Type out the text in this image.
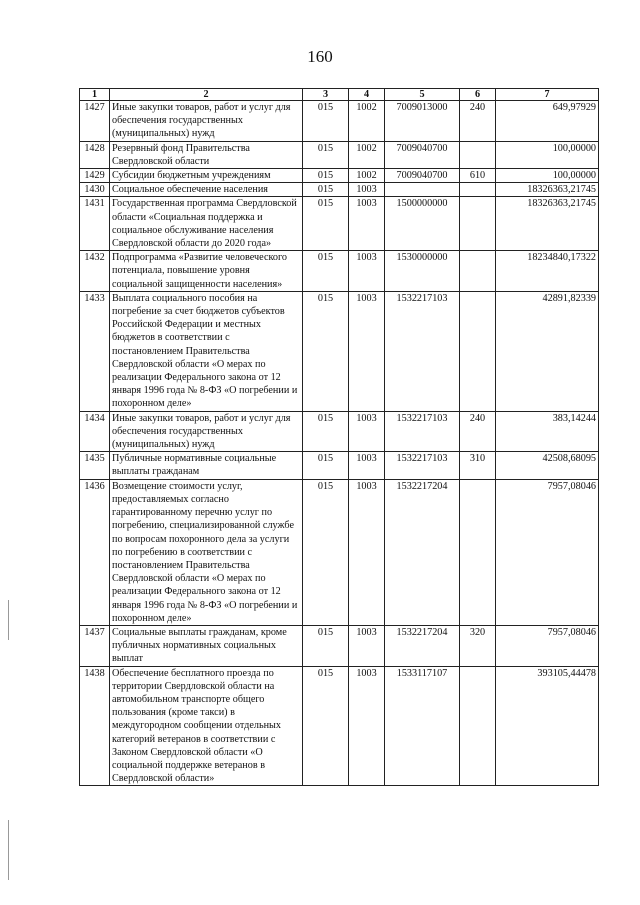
160
1	2	3	4	5	6	7
1427	Иные закупки товаров, работ и услуг для обеспечения государственных (муниципальных) нужд	015	1002	7009013000	240	649,97929
1428	Резервный фонд Правительства Свердловской области	015	1002	7009040700		100,00000
1429	Субсидии бюджетным учреждениям	015	1002	7009040700	610	100,00000
1430	Социальное обеспечение населения	015	1003			18326363,21745
1431	Государственная программа Свердловской области «Социальная поддержка и социальное обслуживание населения Свердловской области до 2020 года»	015	1003	1500000000		18326363,21745
1432	Подпрограмма «Развитие человеческого потенциала, повышение уровня социальной защищенности населения»	015	1003	1530000000		18234840,17322
1433	Выплата социального пособия на погребение за счет бюджетов субъектов Российской Федерации и местных бюджетов в соответствии с постановлением Правительства Свердловской области «О мерах по реализации Федерального закона от 12 января 1996 года № 8-ФЗ «О погребении и похоронном деле»	015	1003	1532217103		42891,82339
1434	Иные закупки товаров, работ и услуг для обеспечения государственных (муниципальных) нужд	015	1003	1532217103	240	383,14244
1435	Публичные нормативные социальные выплаты гражданам	015	1003	1532217103	310	42508,68095
1436	Возмещение стоимости услуг, предоставляемых согласно гарантированному перечню услуг по погребению, специализированной службе по вопросам похоронного дела за услуги по погребению в соответствии с постановлением Правительства Свердловской области «О мерах по реализации Федерального закона от 12 января 1996 года № 8-ФЗ «О погребении и похоронном деле»	015	1003	1532217204		7957,08046
1437	Социальные выплаты гражданам, кроме публичных нормативных социальных выплат	015	1003	1532217204	320	7957,08046
1438	Обеспечение бесплатного проезда по территории Свердловской области на автомобильном транспорте общего пользования (кроме такси) в междугородном сообщении отдельных категорий ветеранов в соответствии с Законом Свердловской области «О социальной поддержке ветеранов в Свердловской области»	015	1003	1533117107		393105,44478
